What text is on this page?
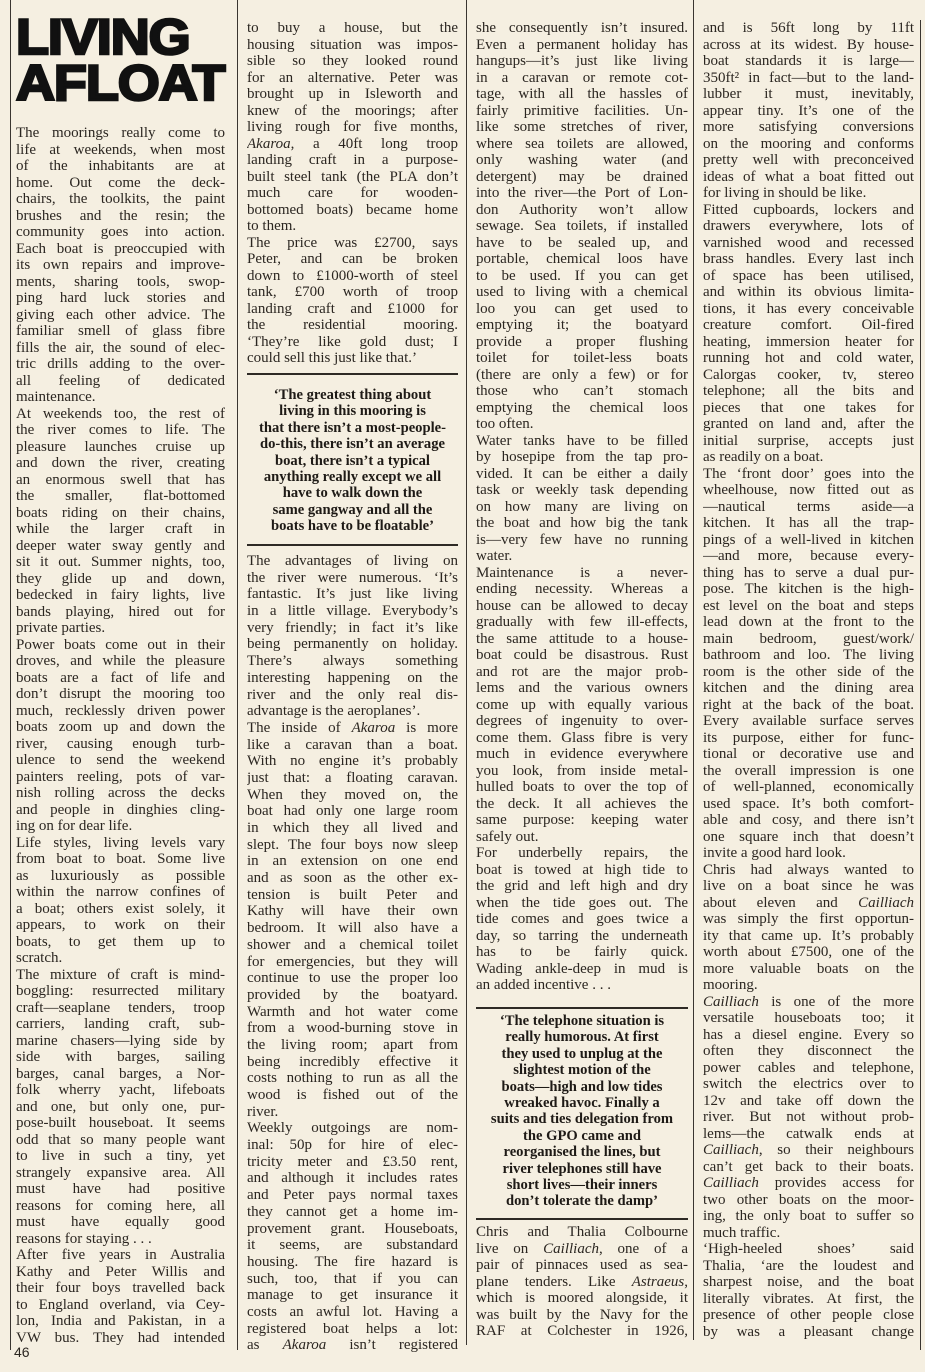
LIVING
AFLOAT
The moorings really come to
life at weekends, when most
of the inhabitants are at
home. Out come the deck-
chairs, the toolkits, the paint
brushes and the resin; the
community goes into action.
Each boat is preoccupied with
its own repairs and improve-
ments, sharing tools, swop-
ping hard luck stories and
giving each other advice. The
familiar smell of glass fibre
fills the air, the sound of elec-
tric drills adding to the over-
all feeling of dedicated
maintenance.
At weekends too, the rest of
the river comes to life. The
pleasure launches cruise up
and down the river, creating
an enormous swell that has
the smaller, flat-bottomed
boats riding on their chains,
while the larger craft in
deeper water sway gently and
sit it out. Summer nights, too,
they glide up and down,
bedecked in fairy lights, live
bands playing, hired out for
private parties.
Power boats come out in their
droves, and while the pleasure
boats are a fact of life and
don’t disrupt the mooring too
much, recklessly driven power
boats zoom up and down the
river, causing enough turb-
ulence to send the weekend
painters reeling, pots of var-
nish rolling across the decks
and people in dinghies cling-
ing on for dear life.
Life styles, living levels vary
from boat to boat. Some live
as luxuriously as possible
within the narrow confines of
a boat; others exist solely, it
appears, to work on their
boats, to get them up to
scratch.
The mixture of craft is mind-
boggling: resurrected military
craft—seaplane tenders, troop
carriers, landing craft, sub-
marine chasers—lying side by
side with barges, sailing
barges, canal barges, a Nor-
folk wherry yacht, lifeboats
and one, but only one, pur-
pose-built houseboat. It seems
odd that so many people want
to live in such a tiny, yet
strangely expansive area. All
must have had positive
reasons for coming here, all
must have equally good
reasons for staying . . .
After five years in Australia
Kathy and Peter Willis and
their four boys travelled back
to England overland, via Cey-
lon, India and Pakistan, in a
VW bus. They had intended
to buy a house, but the
housing situation was impos-
sible so they looked round
for an alternative. Peter was
brought up in Isleworth and
knew of the moorings; after
living rough for five months,
Akaroa, a 40ft long troop
landing craft in a purpose-
built steel tank (the PLA don’t
much care for wooden-
bottomed boats) became home
to them.
The price was £2700, says
Peter, and can be broken
down to £1000-worth of steel
tank, £700 worth of troop
landing craft and £1000 for
the residential mooring.
‘They’re like gold dust; I
could sell this just like that.’
‘The greatest thing about
living in this mooring is
that there isn’t a most-people-
do-this, there isn’t an average
boat, there isn’t a typical
anything really except we all
have to walk down the
same gangway and all the
boats have to be floatable’
The advantages of living on
the river were numerous. ‘It’s
fantastic. It’s just like living
in a little village. Everybody’s
very friendly; in fact it’s like
being permanently on holiday.
There’s always something
interesting happening on the
river and the only real dis-
advantage is the aeroplanes’.
The inside of Akaroa is more
like a caravan than a boat.
With no engine it’s probably
just that: a floating caravan.
When they moved on, the
boat had only one large room
in which they all lived and
slept. The four boys now sleep
in an extension on one end
and as soon as the other ex-
tension is built Peter and
Kathy will have their own
bedroom. It will also have a
shower and a chemical toilet
for emergencies, but they will
continue to use the proper loo
provided by the boatyard.
Warmth and hot water come
from a wood-burning stove in
the living room; apart from
being incredibly effective it
costs nothing to run as all the
wood is fished out of the
river.
Weekly outgoings are nom-
inal: 50p for hire of elec-
tricity meter and £3.50 rent,
and although it includes rates
and Peter pays normal taxes
they cannot get a home im-
provement grant. Houseboats,
it seems, are substandard
housing. The fire hazard is
such, too, that if you can
manage to get insurance it
costs an awful lot. Having a
registered boat helps a lot:
as Akaroa isn’t registered
she consequently isn’t insured.
Even a permanent holiday has
hangups—it’s just like living
in a caravan or remote cot-
tage, with all the hassles of
fairly primitive facilities. Un-
like some stretches of river,
where sea toilets are allowed,
only washing water (and
detergent) may be drained
into the river—the Port of Lon-
don Authority won’t allow
sewage. Sea toilets, if installed
have to be sealed up, and
portable, chemical loos have
to be used. If you can get
used to living with a chemical
loo you can get used to
emptying it; the boatyard
provide a proper flushing
toilet for toilet-less boats
(there are only a few) or for
those who can’t stomach
emptying the chemical loos
too often.
Water tanks have to be filled
by hosepipe from the tap pro-
vided. It can be either a daily
task or weekly task depending
on how many are living on
the boat and how big the tank
is—very few have no running
water.
Maintenance is a never-
ending necessity. Whereas a
house can be allowed to decay
gradually with few ill-effects,
the same attitude to a house-
boat could be disastrous. Rust
and rot are the major prob-
lems and the various owners
come up with equally various
degrees of ingenuity to over-
come them. Glass fibre is very
much in evidence everywhere
you look, from inside metal-
hulled boats to over the top of
the deck. It all achieves the
same purpose: keeping water
safely out.
For underbelly repairs, the
boat is towed at high tide to
the grid and left high and dry
when the tide goes out. The
tide comes and goes twice a
day, so tarring the underneath
has to be fairly quick.
Wading ankle-deep in mud is
an added incentive . . .
‘The telephone situation is
really humorous. At first
they used to unplug at the
slightest motion of the
boats—high and low tides
wreaked havoc. Finally a
suits and ties delegation from
the GPO came and
reorganised the lines, but
river telephones still have
short lives—their inners
don’t tolerate the damp’
Chris and Thalia Colbourne
live on Cailliach, one of a
pair of pinnaces used as sea-
plane tenders. Like Astraeus,
which is moored alongside, it
was built by the Navy for the
RAF at Colchester in 1926,
and is 56ft long by 11ft
across at its widest. By house-
boat standards it is large—
350ft² in fact—but to the land-
lubber it must, inevitably,
appear tiny. It’s one of the
more satisfying conversions
on the mooring and conforms
pretty well with preconceived
ideas of what a boat fitted out
for living in should be like.
Fitted cupboards, lockers and
drawers everywhere, lots of
varnished wood and recessed
brass handles. Every last inch
of space has been utilised,
and within its obvious limita-
tions, it has every conceivable
creature comfort. Oil-fired
heating, immersion heater for
running hot and cold water,
Calorgas cooker, tv, stereo
telephone; all the bits and
pieces that one takes for
granted on land and, after the
initial surprise, accepts just
as readily on a boat.
The ‘front door’ goes into the
wheelhouse, now fitted out as
—nautical terms aside—a
kitchen. It has all the trap-
pings of a well-lived in kitchen
—and more, because every-
thing has to serve a dual pur-
pose. The kitchen is the high-
est level on the boat and steps
lead down at the front to the
main bedroom, guest/work/
bathroom and loo. The living
room is the other side of the
kitchen and the dining area
right at the back of the boat.
Every available surface serves
its purpose, either for func-
tional or decorative use and
the overall impression is one
of well-planned, economically
used space. It’s both comfort-
able and cosy, and there isn’t
one square inch that doesn’t
invite a good hard look.
Chris had always wanted to
live on a boat since he was
about eleven and Cailliach
was simply the first opportun-
ity that came up. It’s probably
worth about £7500, one of the
more valuable boats on the
mooring.
Cailliach is one of the more
versatile houseboats too; it
has a diesel engine. Every so
often they disconnect the
power cables and telephone,
switch the electrics over to
12v and take off down the
river. But not without prob-
lems—the catwalk ends at
Cailliach, so their neighbours
can’t get back to their boats.
Cailliach provides access for
two other boats on the moor-
ing, the only boat to suffer so
much traffic.
‘High-heeled shoes’ said
Thalia, ‘are the loudest and
sharpest noise, and the boat
literally vibrates. At first, the
presence of other people close
by was a pleasant change
46
